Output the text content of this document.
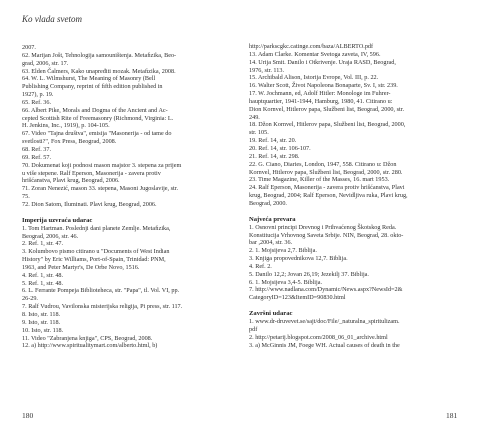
Ko vlada svetom

2007.

62. Marijan Jošt, Tehnologija samouništenja. Metaﬁzika, Beo-

grad, 2006, str. 17.

63. Elden Čalmers, Kako unapređiti mozak. Metaﬁzika, 2008.

64. W. L. Wilmshurst, The Meaning of Masonry (Bell

Publishing Company, reprint of ﬁfth edition published in

1927), p. 19.

65. Ref. 36.

66. Albert Pike, Morals and Dogma of the Ancient and Ac-

cepted Scottish Rite of Freemasonry (Richmond, Virginia: L.

H. Jenkins, Inc., 1919), p. 104-105.

67. Video "Tajna društva", emisija "Masonerija - od tame do

svetlosti?", Fox Press, Beograd, 2008.

68. Ref. 37.

69. Ref. 57.

70. Dokumenat koji podnosi mason majstor 3. stepena za prijem

u više stepene. Ralf Eperson, Masonerija - zavera protiv

hrišćanstva, Plavi krug, Beograd, 2006.

71. Zoran Nenezić, mason 33. stepena, Masoni Jugoslavije, str.

75.

72. Dion Satom, Iluminati. Plavi krug, Beograd, 2006.

Imperija uzvraća udarac

1. Tom Hartman. Poslednji dani planete Zemlje. Metaﬁzika,

Beograd, 2006, str. 46.

2. Ref. 1, str. 47.

3. Kolumbovo pismo citirano u "Documents of West Indian

History" by Eric Williams, Port-of-Spain, Trinidad: PNM,

1963, and Peter Martyr's, De Orbe Novo, 1516.

4. Ref. 1, str. 48.

5. Ref. 1, str. 48.

6. L. Ferrante Pompeja Biblioteheca, str. "Papa", tl. Vol. VI, pp.

26-29.

7. Ralf Vudrou, Vavilonska misterijska religija, Pi press, str. 117.

8. Isto, str. 118.

9. Isto, str. 118.

10. Isto, str. 118.

11. Video "Zabranjena knjiga", CPS, Beograd, 2008.

12. a) http://www.spiritualitymart.com/alberto.html, b)

http://parkscgkc.catinge.com/baza/ALBERTO.pdf

13. Adam Clarke. Komentar Svetoga zaveta, IV, 596.

14. Urija Smit. Danilo i Otkrivenje. Uraja RASD, Beograd,

1976, str. 113.

15. Archibald Alison, Istorija Evrope, Vol. III, p. 22.

16. Walter Scott, Život Napoleona Bonaparte, Sv. I, str. 239.

17. W. Jochmann, ed, Adolf Hitler: Monologe im Fuhrer-

hauptquartier, 1941-1944, Hamburg, 1980, 41. Citirano u:

Dion Kornvel, Hitlerov papa, Službeni list, Beograd, 2000, str.

249.

18. Džon Kornvel, Hitlerov papa, Službeni list, Beograd, 2000,

str. 105.

19. Ref. 14, str. 20.

20. Ref. 14, str. 106-107.

21. Ref. 14, str. 298.

22. G. Ciano, Diaries, London, 1947, 558. Citirano u: Džon

Kornvel, Hitlerov papa, Službeni list, Beograd, 2000, str. 280.

23. Time Magazine, Killer of the Masses, 16. mart 1953.

24. Ralf Eperson, Masonerija - zavera protiv hrišćanstva, Plavi

krug, Beograd, 2004; Ralf Eperson, Nevidljiva ruka, Plavi krug,

Beograd, 2000.

Najveća prevara

1. Osnovni principi Drevnog i Prihvaćenog Škotskog Reda.

Konstitucija Vrhovnog Saveta Srbije. NIN, Beograd, 28. okto-

bar ,2004, str. 36.

2. 1. Mojsijeva 2,7. Biblija.

3. Knjiga propovednikova 12,7. Biblija.

4. Ref. 2.

5. Danilo 12,2; Jovan 26,19; Jezekilj 37. Biblija.

6. 1. Mojsijeva 3,4-5. Biblija.

7. http://www.nadlana.com/Dynamic/News.aspx?NewsId=2&

CategoryID=123&ItemID=90830.html

Završni udarac

1. www.dr-druvevet.se/sajt/doc/File/_naturalna_spiritulizam.

pdf

2. http://petarij.blogspot.com/2008_06_01_archive.html

3. a) McGinnis JM, Foege WH. Actual causes of death in the

180	181
